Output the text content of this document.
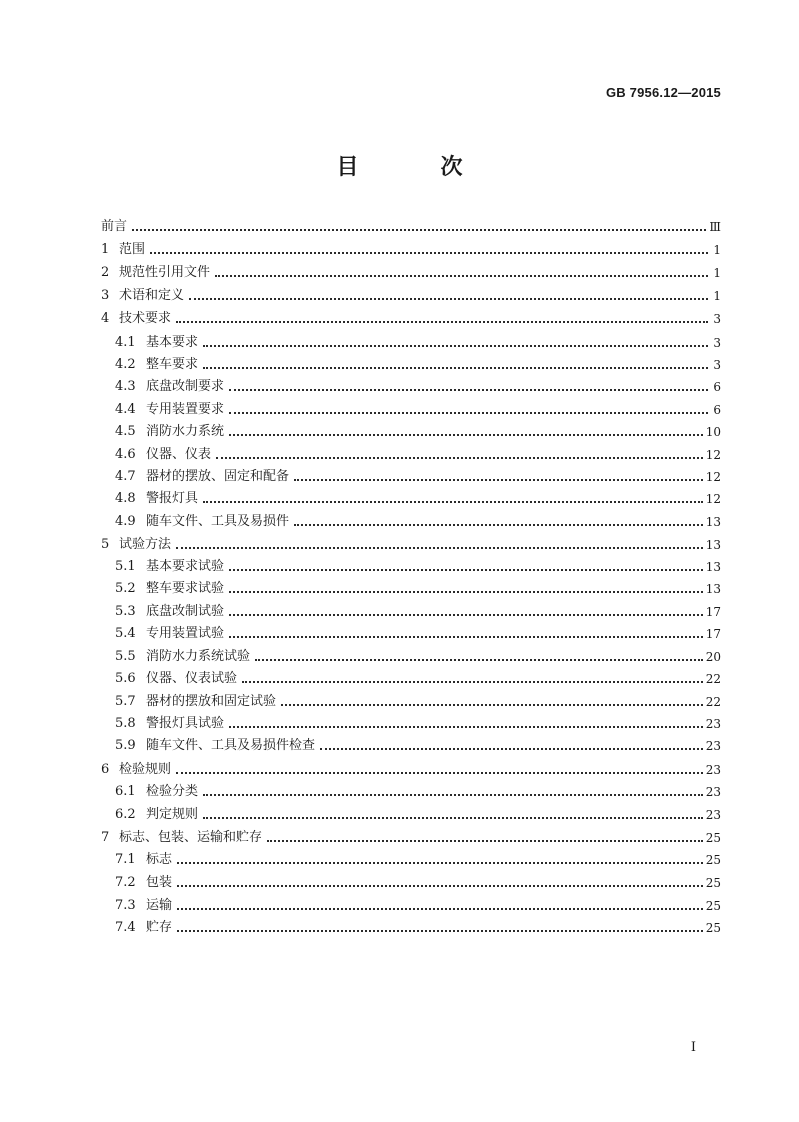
GB 7956.12—2015
目　次
前言	Ⅲ
1 范围	1
2 规范性引用文件	1
3 术语和定义	1
4 技术要求	3
4.1 基本要求	3
4.2 整车要求	3
4.3 底盘改制要求	6
4.4 专用装置要求	6
4.5 消防水力系统	10
4.6 仪器、仪表	12
4.7 器材的摆放、固定和配备	12
4.8 警报灯具	12
4.9 随车文件、工具及易损件	13
5 试验方法	13
5.1 基本要求试验	13
5.2 整车要求试验	13
5.3 底盘改制试验	17
5.4 专用装置试验	17
5.5 消防水力系统试验	20
5.6 仪器、仪表试验	22
5.7 器材的摆放和固定试验	22
5.8 警报灯具试验	23
5.9 随车文件、工具及易损件检查	23
6 检验规则	23
6.1 检验分类	23
6.2 判定规则	23
7 标志、包装、运输和贮存	25
7.1 标志	25
7.2 包装	25
7.3 运输	25
7.4 贮存	25
I
